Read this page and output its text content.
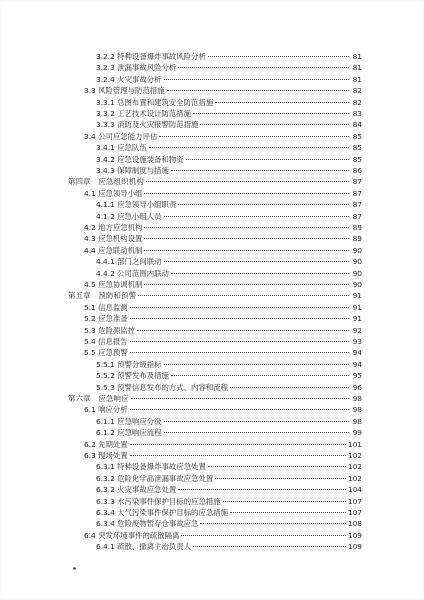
3.2.2 特种设备爆炸事故风险分析	81
3.2.3 泄漏事故风险分析	81
3.2.4 火灾事故分析	81
3.3 风险管理与防范措施	82
3.3.1 总图布置和建筑安全防范措施	82
3.3.2 工艺技术设计防范措施	83
3.3.3 消防及火灾报警防范措施	84
3.4 公司应急能力评估	85
3.4.1 应急队伍	85
3.4.2 应急设施装备和物资	85
3.4.3 保障制度与措施	86
第四章　应急组织机构	87
4.1 应急领导小组	87
4.1.1 应急领导小组职责	87
4.1.2 应急小组人员	87
4.2 地方应急机构	89
4.3 应急机构设置	89
4.4 应急联动机制	90
4.4.1 部门之间联动	90
4.4.2 公司范围内联动	90
4.5 应急协调机制	90
第五章　预防和预警	91
5.1 信息监测	91
5.2 应急准备	91
5.3 危险源监控	92
5.4 信息报告	93
5.5 应急预警	94
5.5.1 预警分级指标	94
5.5.2 预警发布及措施	95
5.5.3 预警信息发布的方式、内容和流程	96
第六章　应急响应	98
6.1 响应分析	98
6.1.1 应急响应分级	98
6.1.2 应急响应流程	99
6.2 先期处置	101
6.3 现场处置	102
6.3.1 特种设备爆炸事故应急处置	102
6.3.2 危险化学品泄漏事故应急处置	102
6.3.2 火灾事故应急处置	104
6.3.3 水污染事件保护目标的应急措施	107
6.3.4 大气污染事件保护目标的应急措施	107
6.3.4 危险废物暂存仓事故应急	108
6.4 突发环境事件的疏散隔离	109
6.4.1 疏散、撤离主治负责人	109
